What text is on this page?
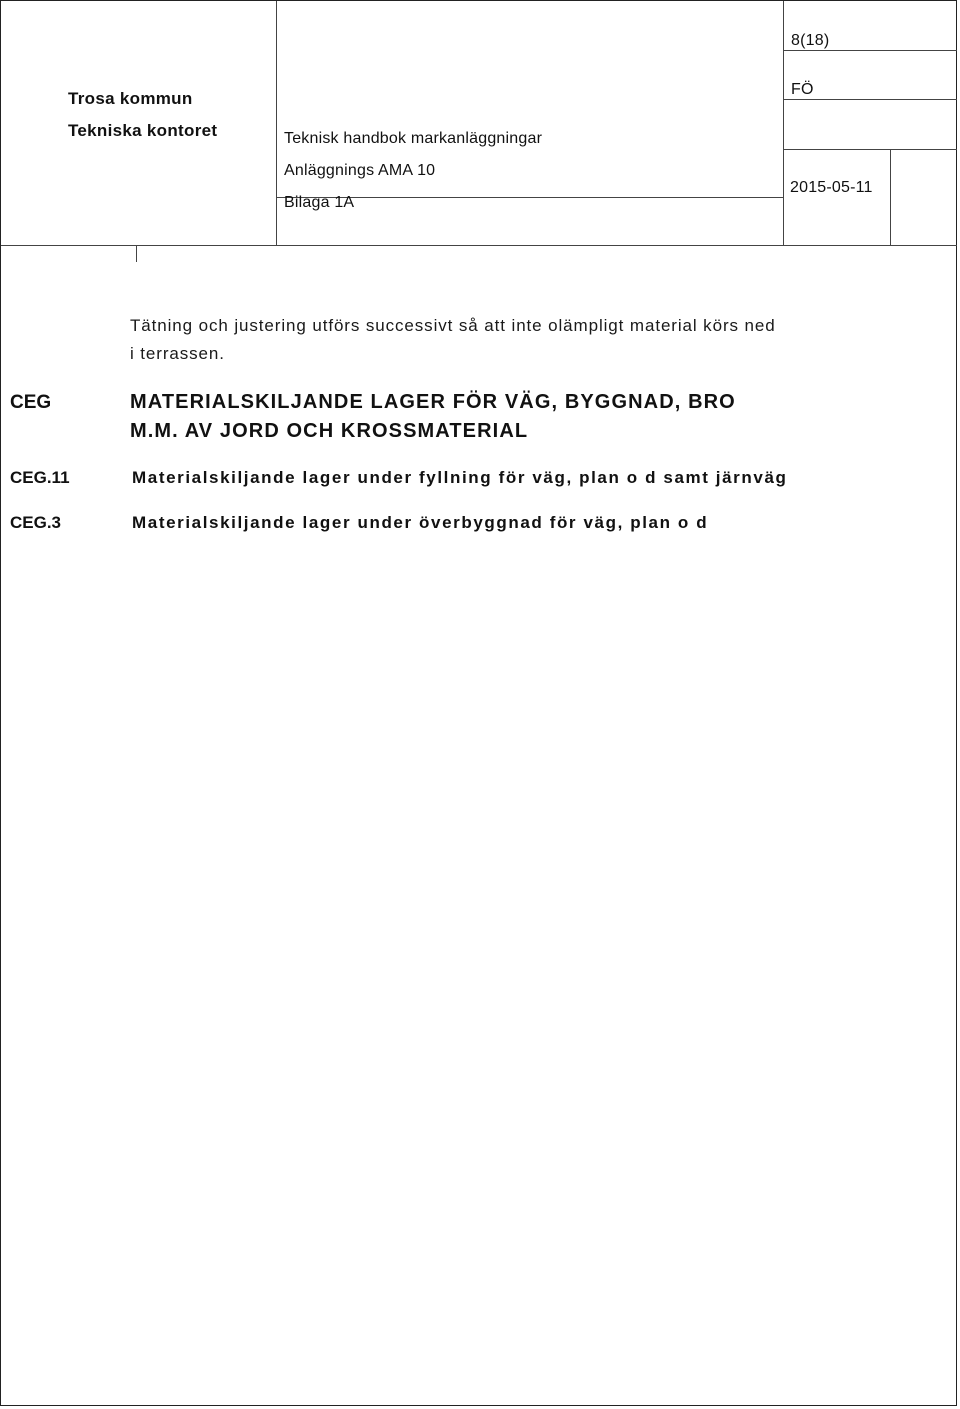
Trosa kommun
Tekniska kontoret	Teknisk handbok markanläggningar
Anläggnings AMA 10
Bilaga 1A
8(18)
FÖ
2015-05-11
Tätning och justering utförs successivt så att inte olämpligt material körs ned
i terrassen.
CEG	MATERIALSKILJANDE LAGER FÖR VÄG, BYGGNAD, BRO
M.M. AV JORD OCH KROSSMATERIAL
CEG.11	Materialskiljande lager under fyllning för väg, plan o d samt järnväg
CEG.3	Materialskiljande lager under överbyggnad för väg, plan o d
